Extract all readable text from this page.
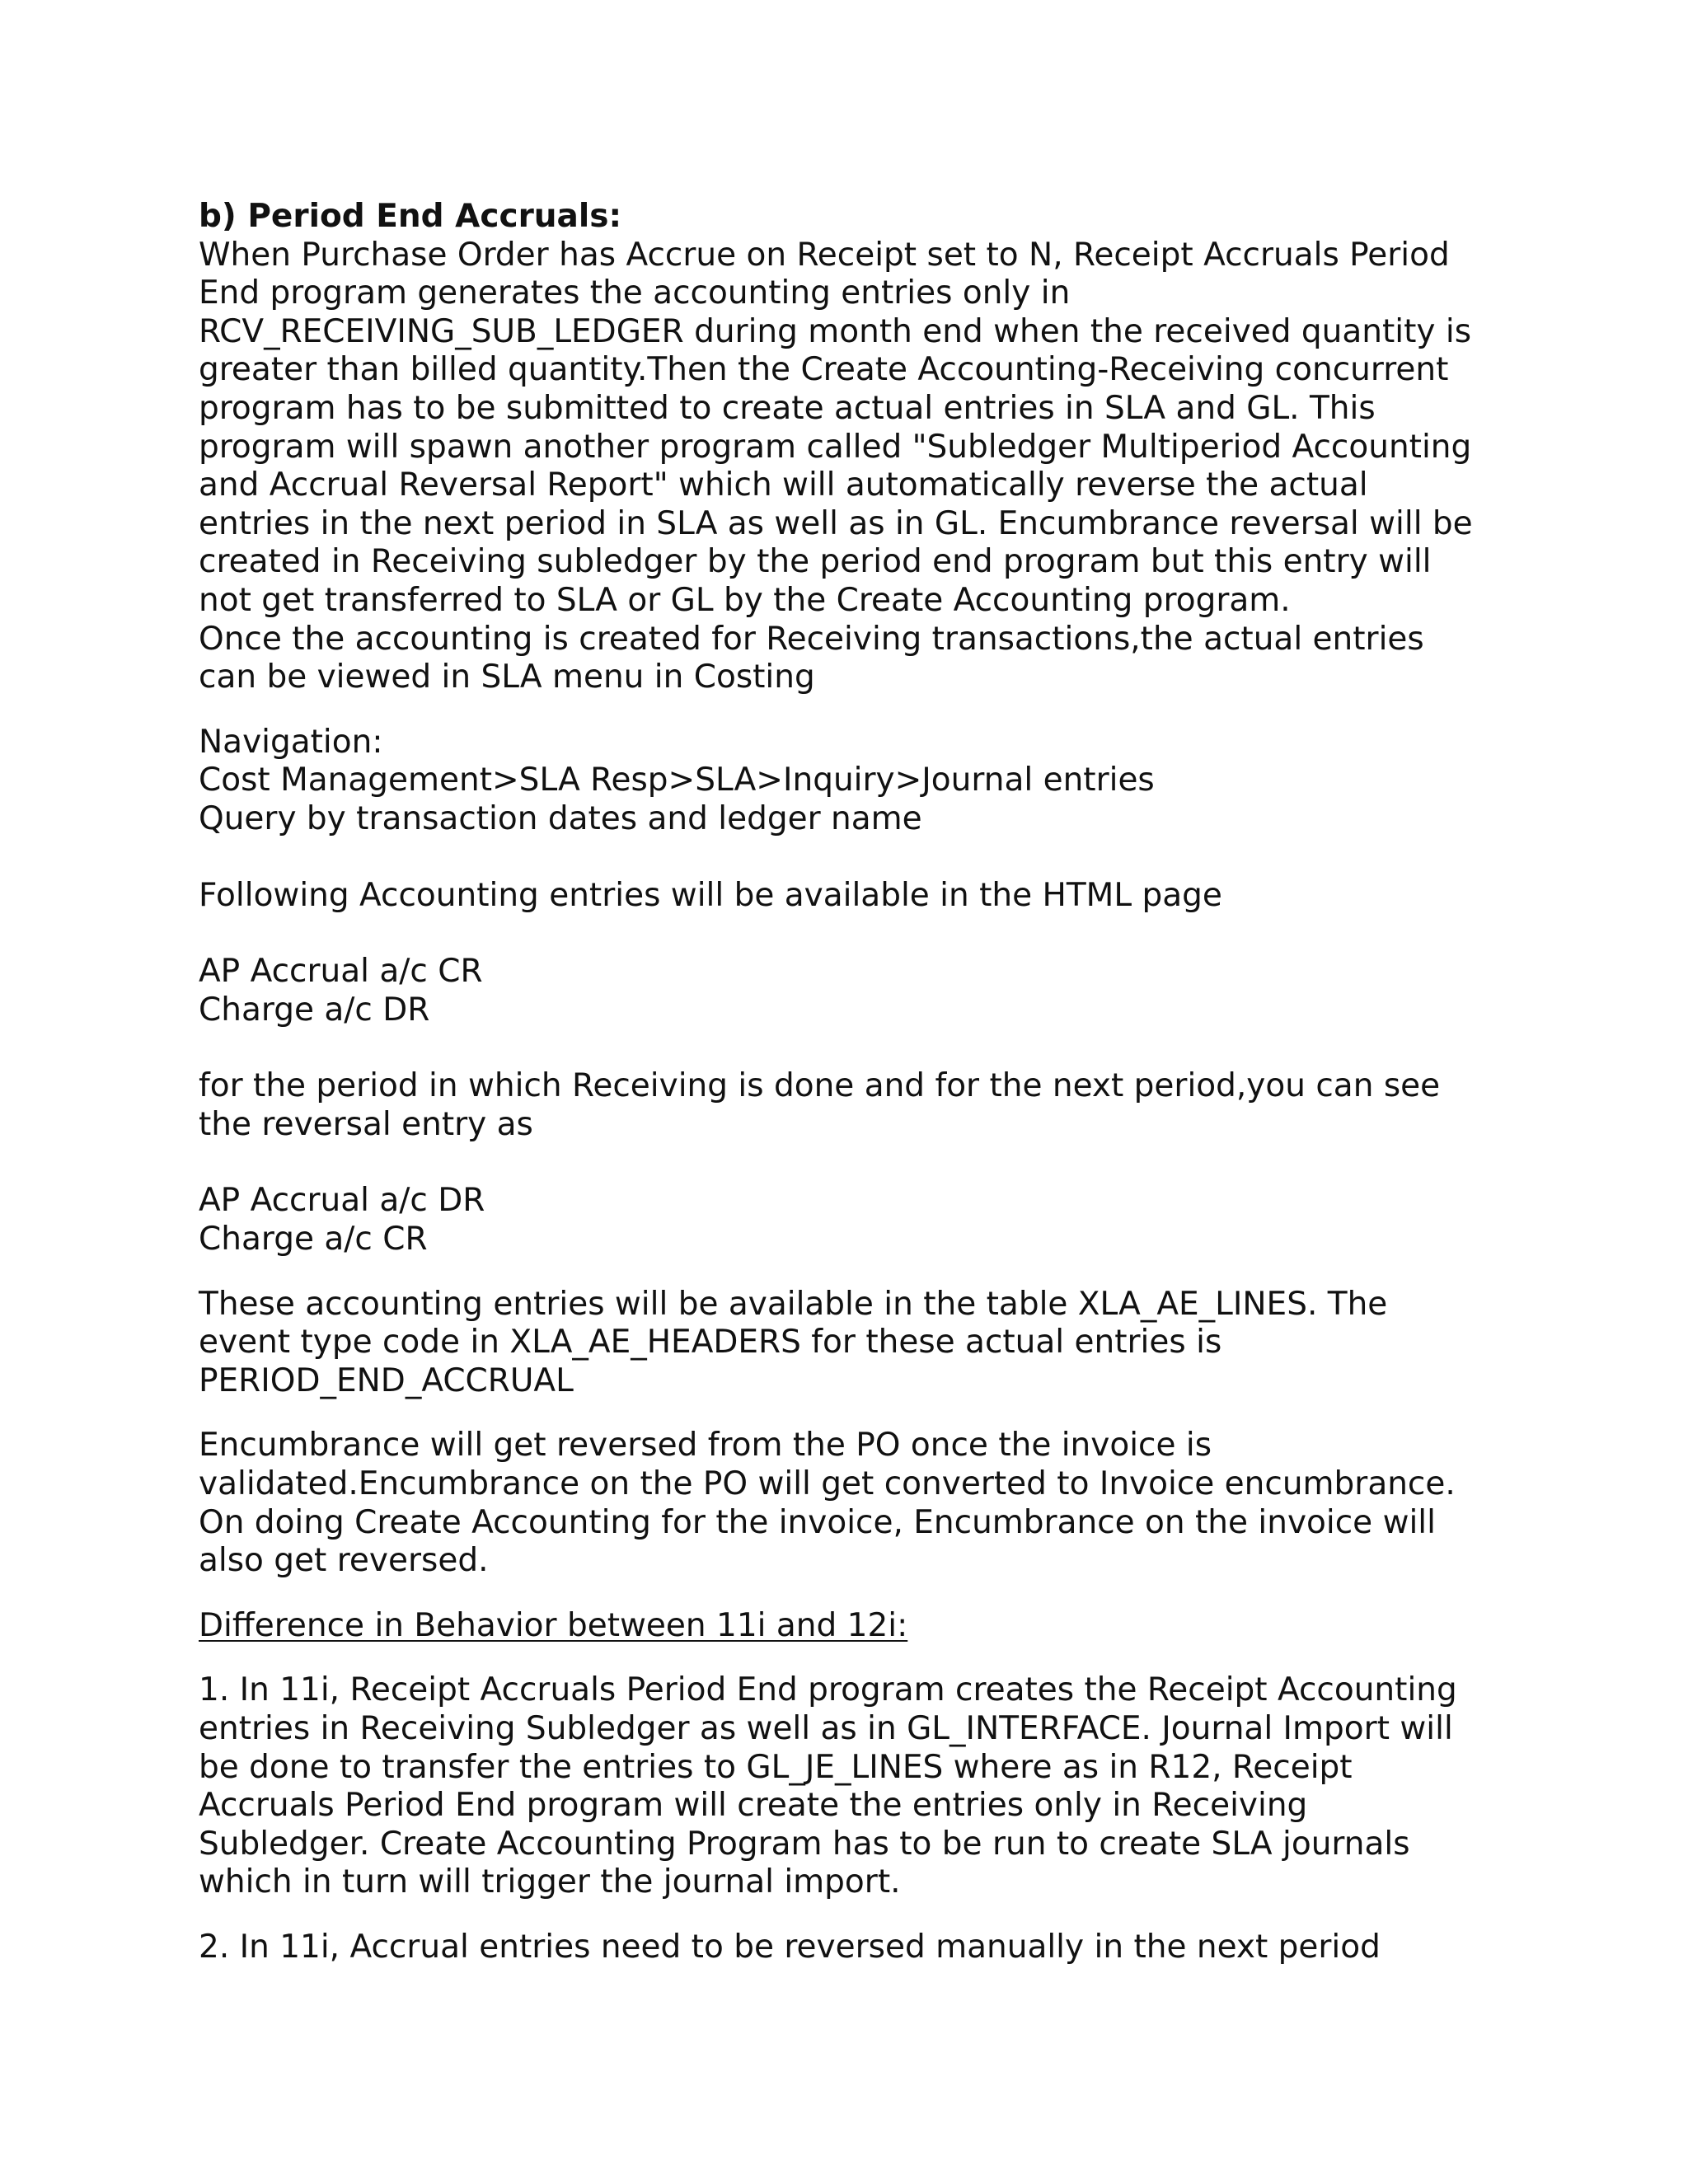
b) Period End Accruals:
When Purchase Order has Accrue on Receipt set to N, Receipt Accruals Period
End program generates the accounting entries only in
RCV_RECEIVING_SUB_LEDGER during month end when the received quantity is
greater than billed quantity.Then the Create Accounting-Receiving concurrent
program has to be submitted to create actual entries in SLA and GL. This
program will spawn another program called "Subledger Multiperiod Accounting
and Accrual Reversal Report" which will automatically reverse the actual
entries in the next period in SLA as well as in GL. Encumbrance reversal will be
created in Receiving subledger by the period end program but this entry will
not get transferred to SLA or GL by the Create Accounting program.
Once the accounting is created for Receiving transactions,the actual entries
can be viewed in SLA menu in Costing
Navigation:
Cost Management>SLA Resp>SLA>Inquiry>Journal entries
Query by transaction dates and ledger name
Following Accounting entries will be available in the HTML page
AP Accrual a/c CR
Charge a/c DR
for the period in which Receiving is done and for the next period,you can see
the reversal entry as
AP Accrual a/c DR
Charge a/c CR
These accounting entries will be available in the table XLA_AE_LINES. The
event type code in XLA_AE_HEADERS for these actual entries is
PERIOD_END_ACCRUAL
Encumbrance will get reversed from the PO once the invoice is
validated.Encumbrance on the PO will get converted to Invoice encumbrance.
On doing Create Accounting for the invoice, Encumbrance on the invoice will
also get reversed.
Difference in Behavior between 11i and 12i:
1. In 11i, Receipt Accruals Period End program creates the Receipt Accounting
entries in Receiving Subledger as well as in GL_INTERFACE. Journal Import will
be done to transfer the entries to GL_JE_LINES where as in R12, Receipt
Accruals Period End program will create the entries only in Receiving
Subledger. Create Accounting Program has to be run to create SLA journals
which in turn will trigger the journal import.
2. In 11i, Accrual entries need to be reversed manually in the next period
